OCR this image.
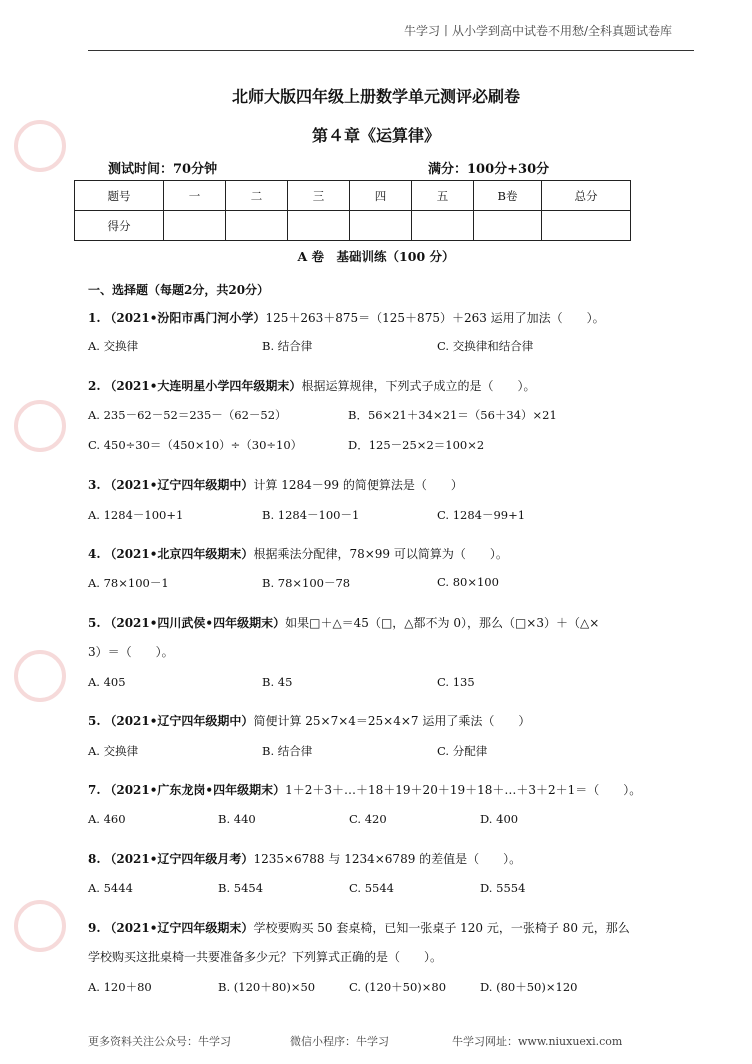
牛学习丨从小学到高中试卷不用愁/全科真题试卷库
北师大版四年级上册数学单元测评必刷卷
第４章《运算律》
测试时间：70分钟	满分：100分+30分
题号	一	二	三	四	五	B卷	总分
得分							
A 卷　基础训练（100 分）
一、选择题（每题2分，共20分）
1. （2021•汾阳市禹门河小学）125＋263＋875＝（125＋875）＋263 运用了加法（　　）。
A. 交换律	B. 结合律	C. 交换律和结合律
2. （2021•大连明星小学四年级期末）根据运算规律，下列式子成立的是（　　）。
A. 235－62－52＝235－（62－52）	B．56×21＋34×21＝（56＋34）×21
C. 450÷30＝（450×10）÷（30÷10）	D．125－25×2＝100×2
3. （2021•辽宁四年级期中）计算 1284－99 的简便算法是（　　）
A. 1284－100+1	B. 1284－100－1	C. 1284－99+1
4. （2021•北京四年级期末）根据乘法分配律，78×99 可以简算为（　　）。
A. 78×100－1	B. 78×100－78	C. 80×100
5. （2021•四川武侯•四年级期末）如果□＋△＝45（□，△都不为 0），那么（□×3）＋（△×
3）＝（　　）。
A. 405	B. 45	C. 135
5. （2021•辽宁四年级期中）简便计算 25×7×4＝25×4×7 运用了乘法（　　）
A. 交换律	B. 结合律	C. 分配律
7. （2021•广东龙岗•四年级期末）1＋2＋3＋…＋18＋19＋20＋19＋18＋…＋3＋2＋1＝（　　）。
A. 460	B. 440	C. 420	D. 400
8. （2021•辽宁四年级月考）1235×6788 与 1234×6789 的差值是（　　）。
A. 5444	B. 5454	C. 5544	D. 5554
9. （2021•辽宁四年级期末）学校要购买 50 套桌椅，已知一张桌子 120 元，一张椅子 80 元，那么
学校购买这批桌椅一共要准备多少元？下列算式正确的是（　　）。
A. 120＋80	B. (120＋80)×50	C. (120＋50)×80	D. (80＋50)×120
更多资料关注公众号：牛学习	微信小程序：牛学习	牛学习网址：www.niuxuexi.com
